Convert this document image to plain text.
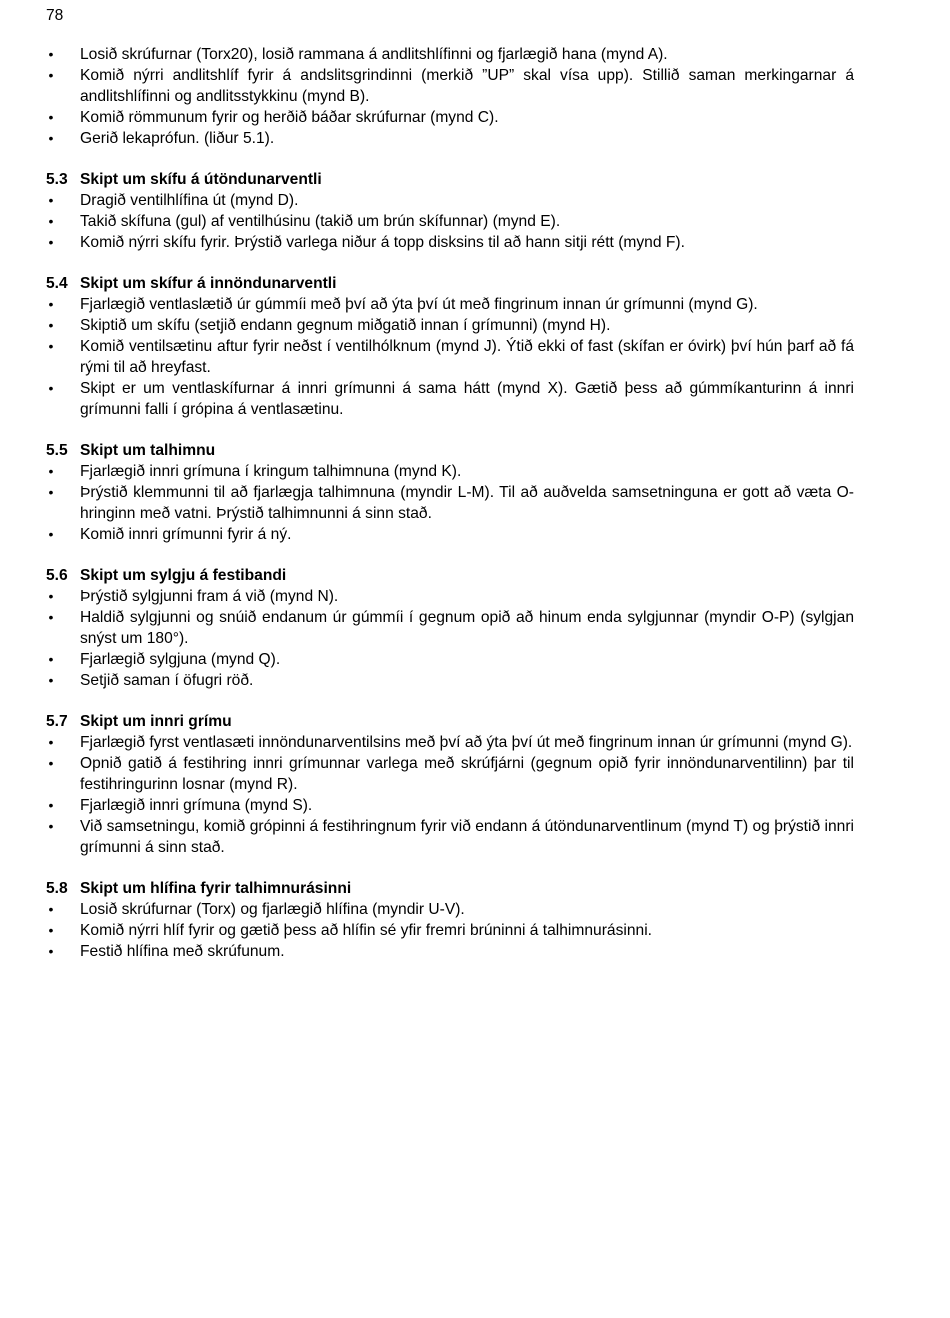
78
• Losið skrúfurnar (Torx20), losið rammana á andlitshlífinni og fjarlægið hana (mynd A).
• Komið nýrri andlitshlíf fyrir á andslitsgrindinni (merkið ”UP” skal vísa upp). Stillið saman merkingarnar á andlitshlífinni og andlitsstykkinu (mynd B).
• Komið römmunum fyrir og herðið báðar skrúfurnar (mynd C).
• Gerið lekaprófun. (liður 5.1).
5.3 Skipt um skífu á útöndunarventli
• Dragið ventilhlífina út (mynd D).
• Takið skífuna (gul) af ventilhúsinu (takið um brún skífunnar) (mynd E).
• Komið nýrri skífu fyrir. Þrýstið varlega niður á topp disksins til að hann sitji rétt (mynd F).
5.4 Skipt um skífur á innöndunarventli
• Fjarlægið ventlaslætið úr gúmmíi með því að ýta því út með fingrinum innan úr grímunni (mynd G).
• Skiptið um skífu (setjið endann gegnum miðgatið innan í grímunni) (mynd H).
• Komið ventilsætinu aftur fyrir neðst í ventilhólknum (mynd J). Ýtið ekki of fast (skífan er óvirk) því hún þarf að fá rými til að hreyfast.
• Skipt er um ventlaskífurnar á innri grímunni á sama hátt (mynd X). Gætið þess að gúmmíkanturinn á innri grímunni falli í grópina á ventlasætinu.
5.5 Skipt um talhimnu
• Fjarlægið innri grímuna í kringum talhimnuna (mynd K).
• Þrýstið klemmunni til að fjarlægja talhimnuna (myndir L-M). Til að auðvelda samsetninguna er gott að væta O-hringinn með vatni. Þrýstið talhimnunni á sinn stað.
• Komið innri grímunni fyrir á ný.
5.6 Skipt um sylgju á festibandi
• Þrýstið sylgjunni fram á við (mynd N).
• Haldið sylgjunni og snúið endanum úr gúmmíi í gegnum opið að hinum enda sylgjunnar (myndir O-P) (sylgjan snýst um 180°).
• Fjarlægið sylgjuna (mynd Q).
• Setjið saman í öfugri röð.
5.7 Skipt um innri grímu
• Fjarlægið fyrst ventlasæti innöndunarventilsins með því að ýta því út með fingrinum innan úr grímunni (mynd G).
• Opnið gatið á festihring innri grímunnar varlega með skrúfjárni (gegnum opið fyrir innöndunarventilinn) þar til festihringurinn losnar (mynd R).
• Fjarlægið innri grímuna (mynd S).
• Við samsetningu, komið grópinni á festihringnum fyrir við endann á útöndunarventlinum (mynd T) og þrýstið innri grímunni á sinn stað.
5.8 Skipt um hlífina fyrir talhimnurásinni
• Losið skrúfurnar (Torx) og fjarlægið hlífina (myndir U-V).
• Komið nýrri hlíf fyrir og gætið þess að hlífin sé yfir fremri brúninni á talhimnurásinni.
• Festið hlífina með skrúfunum.
